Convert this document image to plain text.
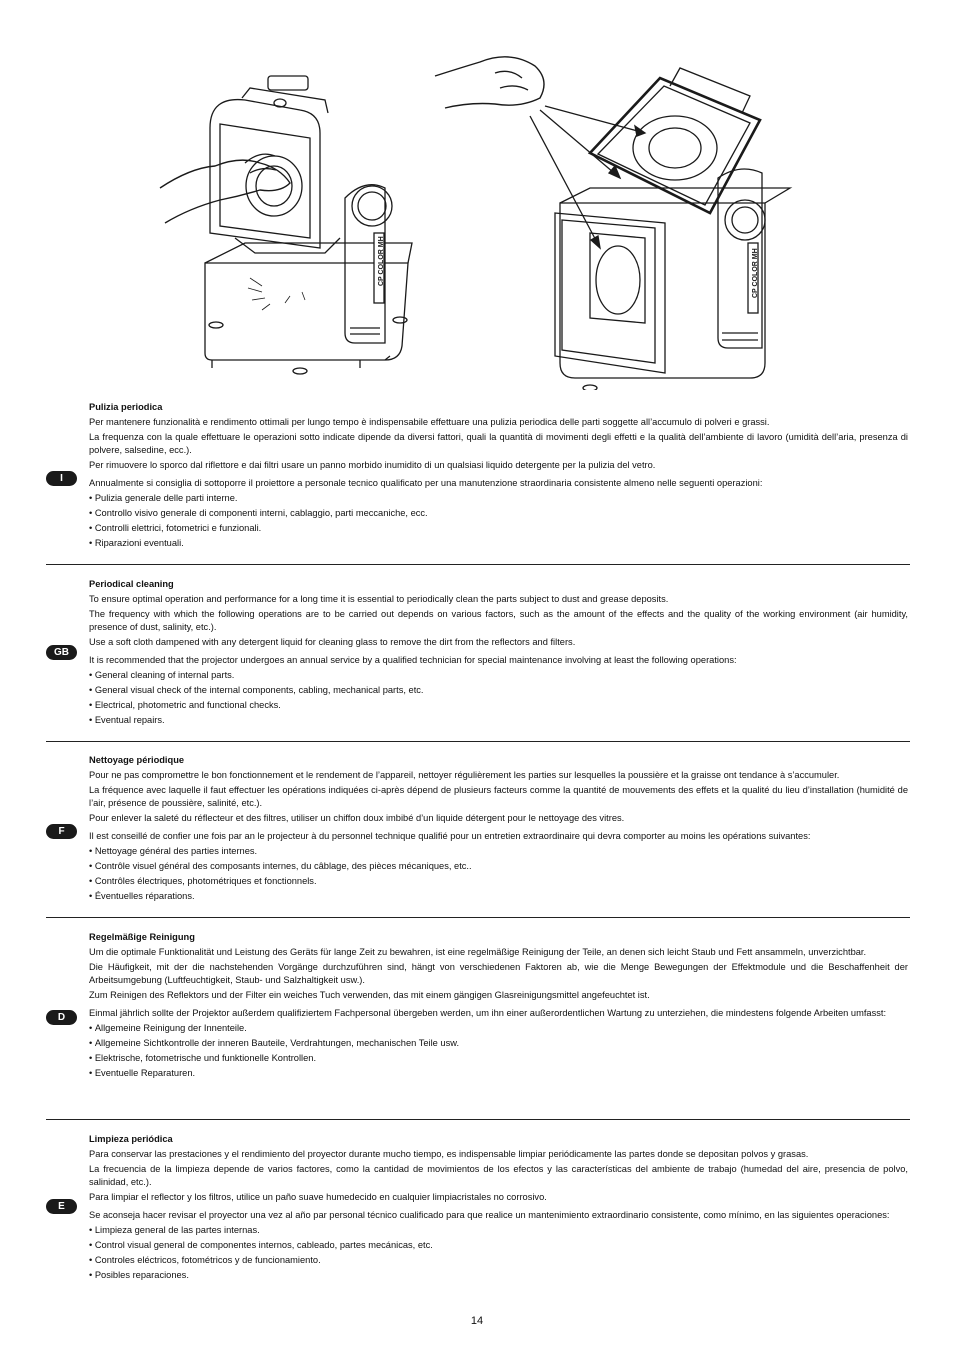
CP COLOR MH	CP COLOR MH
I
Pulizia periodica

Per mantenere funzionalità e rendimento ottimali per lungo tempo è indispensabile effettuare una pulizia periodica delle parti soggette all’accumulo di polveri e grassi.

La frequenza con la quale effettuare le operazioni sotto indicate dipende da diversi fattori, quali la quantità di movimenti degli effetti e la qualità dell’ambiente di lavoro (umidità dell’aria, presenza di polvere, salsedine, ecc.).

Per rimuovere lo sporco dal riflettore e dai filtri usare un panno morbido inumidito di un qualsiasi liquido detergente per la pulizia del vetro.

Annualmente si consiglia di sottoporre il proiettore a personale tecnico qualificato per una manutenzione straordinaria consistente almeno nelle seguenti operazioni:

• Pulizia generale delle parti interne.
• Controllo visivo generale di componenti interni, cablaggio, parti meccaniche, ecc.
• Controlli elettrici, fotometrici e funzionali.
• Riparazioni eventuali.
GB
Periodical cleaning

To ensure optimal operation and performance for a long time it is essential to periodically clean the parts subject to dust and grease deposits.

The frequency with which the following operations are to be carried out depends on various factors, such as the amount of the effects and the quality of the working environment (air humidity, presence of dust, salinity, etc.).

Use a soft cloth dampened with any detergent liquid for cleaning glass to remove the dirt from the reflectors and filters.

It is recommended that the projector undergoes an annual service by a qualified technician for special maintenance involving at least the following operations:

• General cleaning of internal parts.
• General visual check of the internal components, cabling, mechanical parts, etc.
• Electrical, photometric and functional checks.
• Eventual repairs.
F
Nettoyage périodique

Pour ne pas compromettre le bon fonctionnement et le rendement de l’appareil, nettoyer régulièrement les parties sur lesquelles la poussière et la graisse ont tendance à s’accumuler.

La fréquence avec laquelle il faut effectuer les opérations indiquées ci-après dépend de plusieurs facteurs comme la quantité de mouvements des effets et la qualité du lieu d’installation (humidité de l’air, présence de poussière, salinité, etc.).

Pour enlever la saleté du réflecteur et des filtres, utiliser un chiffon doux imbibé d’un liquide détergent pour le nettoyage des vitres.

Il est conseillé de confier une fois par an le projecteur à du personnel technique qualifié pour un entretien extraordinaire qui devra comporter au moins les opérations suivantes:

• Nettoyage général des parties internes.
• Contrôle visuel général des composants internes, du câblage, des pièces mécaniques, etc..
• Contrôles électriques, photométriques et fonctionnels.
• Éventuelles réparations.
D
Regelmäßige Reinigung

Um die optimale Funktionalität und Leistung des Geräts für lange Zeit zu bewahren, ist eine regelmäßige Reinigung der Teile, an denen sich leicht Staub und Fett ansammeln, unverzichtbar.

Die Häufigkeit, mit der die nachstehenden Vorgänge durchzuführen sind, hängt von verschiedenen Faktoren ab, wie die Menge Bewegungen der Effektmodule und die Beschaffenheit der Arbeitsumgebung (Luftfeuchtigkeit, Staub- und Salzhaltigkeit usw.).

Zum Reinigen des Reflektors und der Filter ein weiches Tuch verwenden, das mit einem gängigen Glasreinigungsmittel angefeuchtet ist.

Einmal jährlich sollte der Projektor außerdem qualifiziertem Fachpersonal übergeben werden, um ihn einer außerordentlichen Wartung zu unterziehen, die mindestens folgende Arbeiten umfasst:

• Allgemeine Reinigung der Innenteile.
• Allgemeine Sichtkontrolle der inneren Bauteile, Verdrahtungen, mechanischen Teile usw.
• Elektrische, fotometrische und funktionelle Kontrollen.
• Eventuelle Reparaturen.
E
Limpieza periódica

Para conservar las prestaciones y el rendimiento del proyector durante mucho tiempo, es indispensable limpiar periódicamente las partes donde se depositan polvos y grasas.

La frecuencia de la limpieza depende de varios factores, como la cantidad de movimientos de los efectos y las características del ambiente de trabajo (humedad del aire, presencia de polvo, salinidad, etc.).

Para limpiar el reflector y los filtros, utilice un paño suave humedecido en cualquier limpiacristales no corrosivo.

Se aconseja hacer revisar el proyector una vez al año par personal técnico cualificado para que realice un mantenimiento extraordinario consistente, como mínimo, en las siguientes operaciones:

• Limpieza general de las partes internas.
• Control visual general de componentes internos, cableado, partes mecánicas, etc.
• Controles eléctricos, fotométricos y de funcionamiento.
• Posibles reparaciones.
14
